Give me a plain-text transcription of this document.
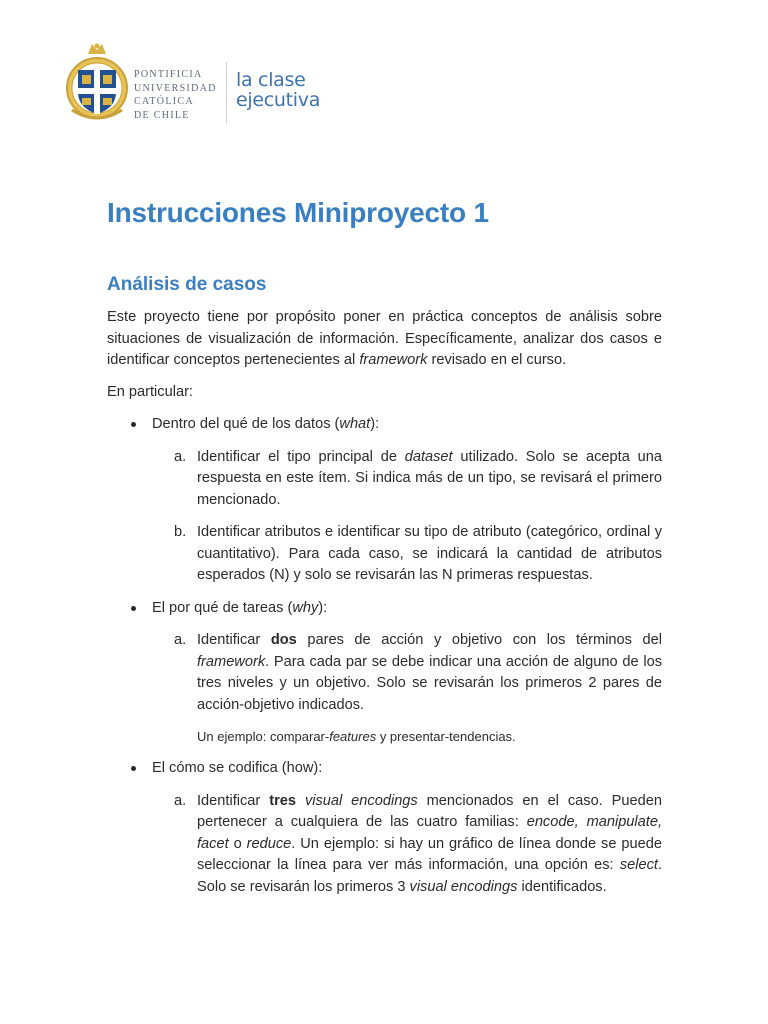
PONTIFICIA
UNIVERSIDAD
CATÓLICA
DE CHILE
la clase
ejecutiva
Instrucciones Miniproyecto 1
Análisis de casos

Este proyecto tiene por propósito poner en práctica conceptos de análisis sobre situaciones de visualización de información. Específicamente, analizar dos casos e identificar conceptos pertenecientes al framework revisado en el curso.

En particular:

Dentro del qué de los datos (what):

a. Identificar el tipo principal de dataset utilizado. Solo se acepta una respuesta en este ítem. Si indica más de un tipo, se revisará el primero mencionado.

b. Identificar atributos e identificar su tipo de atributo (categórico, ordinal y cuantitativo). Para cada caso, se indicará la cantidad de atributos esperados (N) y solo se revisarán las N primeras respuestas.

El por qué de tareas (why):

a. Identificar dos pares de acción y objetivo con los términos del framework. Para cada par se debe indicar una acción de alguno de los tres niveles y un objetivo. Solo se revisarán los primeros 2 pares de acción-objetivo indicados.

Un ejemplo: comparar-features y presentar-tendencias.

El cómo se codifica (how):

a. Identificar tres visual encodings mencionados en el caso. Pueden pertenecer a cualquiera de las cuatro familias: encode, manipulate, facet o reduce. Un ejemplo: si hay un gráfico de línea donde se puede seleccionar la línea para ver más información, una opción es: select. Solo se revisarán los primeros 3 visual encodings identificados.
